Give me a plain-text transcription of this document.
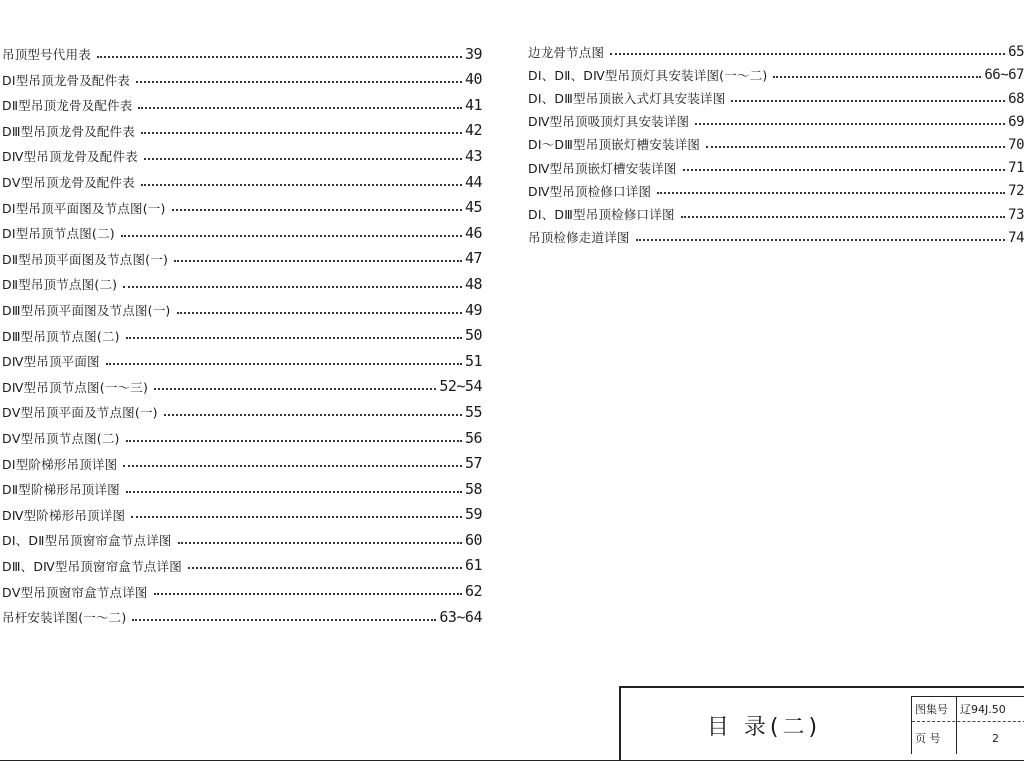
吊顶型号代用表	39
DⅠ型吊顶龙骨及配件表	40
DⅡ型吊顶龙骨及配件表	41
DⅢ型吊顶龙骨及配件表	42
DⅣ型吊顶龙骨及配件表	43
DⅤ型吊顶龙骨及配件表	44
DⅠ型吊顶平面图及节点图(一)	45
DⅠ型吊顶节点图(二)	46
DⅡ型吊顶平面图及节点图(一)	47
DⅡ型吊顶节点图(二)	48
DⅢ型吊顶平面图及节点图(一)	49
DⅢ型吊顶节点图(二)	50
DⅣ型吊顶平面图	51
DⅣ型吊顶节点图(一～三)	52~54
DⅤ型吊顶平面及节点图(一)	55
DⅤ型吊顶节点图(二)	56
DⅠ型阶梯形吊顶详图	57
DⅡ型阶梯形吊顶详图	58
DⅣ型阶梯形吊顶详图	59
DⅠ、DⅡ型吊顶窗帘盒节点详图	60
DⅢ、DⅣ型吊顶窗帘盒节点详图	61
DⅤ型吊顶窗帘盒节点详图	62
吊杆安装详图(一～二)	63~64
边龙骨节点图	65
DⅠ、DⅡ、DⅣ型吊顶灯具安装详图(一～二)	66~67
DⅠ、DⅢ型吊顶嵌入式灯具安装详图	68
DⅣ型吊顶吸顶灯具安装详图	69
DⅠ～DⅢ型吊顶嵌灯槽安装详图	70
DⅣ型吊顶嵌灯槽安装详图	71
DⅣ型吊顶检修口详图	72
DⅠ、DⅢ型吊顶检修口详图	73
吊顶检修走道详图	74
目 录(二)
图集号 辽94J.50
页 号	2
